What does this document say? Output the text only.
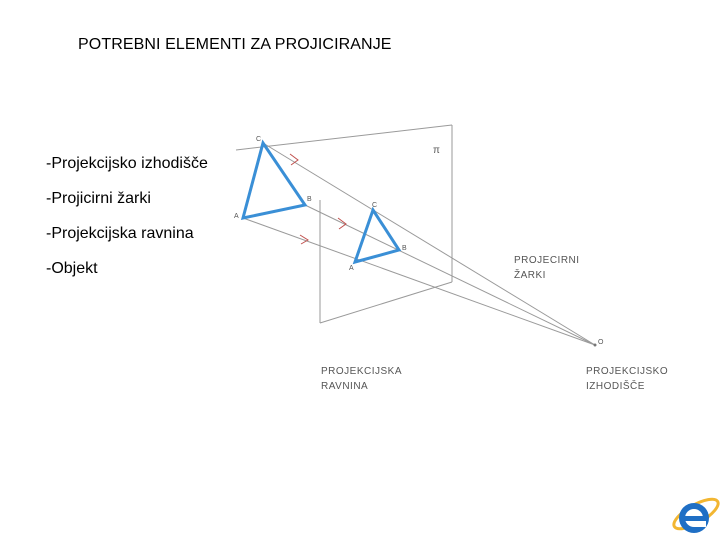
POTREBNI ELEMENTI ZA PROJICIRANJE
-Projekcijsko izhodišče
-Projicirni žarki
-Projekcijska ravnina
-Objekt
C
B
A
C
B
A
π
O
PROJECIRNI
ŽARKI
PROJEKCIJSKA
RAVNINA
PROJEKCIJSKO
IZHODIŠČE
